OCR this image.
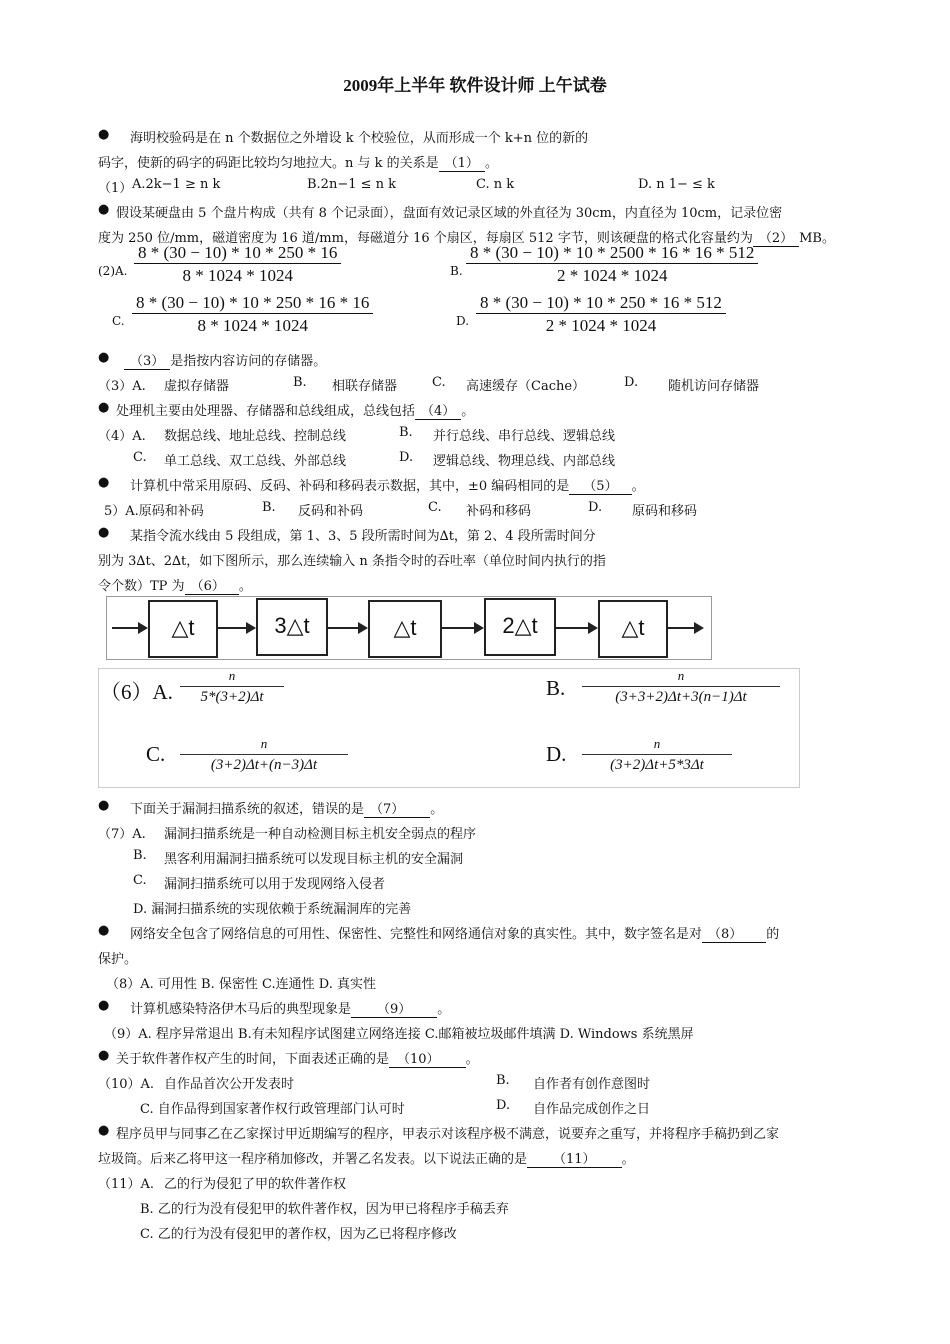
2009年上半年 软件设计师 上午试卷
● 海明校验码是在 n 个数据位之外增设 k 个校验位，从而形成一个 k+n 位的新的
码字，使新的码字的码距比较均匀地拉大。n 与 k 的关系是 （1） 。
（1） A.2k−1 ≥ n k	B.2n−1 ≤ n k	C. n k	D. n 1− ≤ k
● 假设某硬盘由 5 个盘片构成（共有 8 个记录面），盘面有效记录区域的外直径为 30cm，内直径为 10cm，记录位密
度为 250 位/mm，磁道密度为 16 道/mm，每磁道分 16 个扇区，每扇区 512 字节，则该硬盘的格式化容量约为 （2） MB。
(2)A. $\frac{8 * (30 - 10) * 10 * 250 * 16}{8 * 1024 * 1024}$	B. $\frac{8 * (30 - 10) * 10 * 2500 * 16 * 16 * 512}{2 * 1024 * 1024}$
C. $\frac{8 * (30 - 10) * 10 * 250 * 16 * 16}{8 * 1024 * 1024}$	D. $\frac{8 * (30 - 10) * 10 * 250 * 16 * 512}{2 * 1024 * 1024}$
●	（3） 是指按内容访问的存储器。
（3）A. 虚拟存储器	B. 相联存储器	C. 高速缓存（Cache）	D. 随机访问存储器
● 处理机主要由处理器、存储器和总线组成，总线包括 （4） 。
（4）A. 数据总线、地址总线、控制总线	B. 并行总线、串行总线、逻辑总线
C. 单工总线、双工总线、外部总线	D. 逻辑总线、物理总线、内部总线
● 计算机中常采用原码、反码、补码和移码表示数据，其中，±0 编码相同的是 （5） 。
5）A.原码和补码	B. 反码和补码	C. 补码和移码	D. 原码和移码
● 某指令流水线由 5 段组成，第 1、3、5 段所需时间为∆t，第 2、4 段所需时间分
别为 3∆t、2∆t，如下图所示，那么连续输入 n 条指令时的吞吐率（单位时间内执行的指
令个数）TP 为 （6） 。
△t	3△t	△t	2△t	△t
（6）A. $\frac{n}{5*(3+2)\Delta t}$	B. $\frac{n}{(3+3+2)\Delta t+3(n-1)\Delta t}$
C. $\frac{n}{(3+2)\Delta t+(n-3)\Delta t}$	D. $\frac{n}{(3+2)\Delta t+5*3\Delta t}$
● 下面关于漏洞扫描系统的叙述，错误的是 （7） 。
（7）A. 漏洞扫描系统是一种自动检测目标主机安全弱点的程序
B. 黑客利用漏洞扫描系统可以发现目标主机的安全漏洞
C. 漏洞扫描系统可以用于发现网络入侵者
D. 漏洞扫描系统的实现依赖于系统漏洞库的完善
● 网络安全包含了网络信息的可用性、保密性、完整性和网络通信对象的真实性。其中，数字签名是对 （8） 的
保护。
（8）A. 可用性 B. 保密性 C.连通性 D. 真实性
● 计算机感染特洛伊木马后的典型现象是 （9） 。
（9）A. 程序异常退出 B.有未知程序试图建立网络连接 C.邮箱被垃圾邮件填满 D. Windows 系统黑屏
● 关于软件著作权产生的时间，下面表述正确的是 （10） 。
（10）A. 自作品首次公开发表时	B. 自作者有创作意图时
C. 自作品得到国家著作权行政管理部门认可时	D. 自作品完成创作之日
● 程序员甲与同事乙在乙家探讨甲近期编写的程序，甲表示对该程序极不满意，说要弃之重写，并将程序手稿扔到乙家
垃圾筒。后来乙将甲这一程序稍加修改，并署乙名发表。以下说法正确的是 （11） 。
（11）A. 乙的行为侵犯了甲的软件著作权
B. 乙的行为没有侵犯甲的软件著作权，因为甲已将程序手稿丢弃
C. 乙的行为没有侵犯甲的著作权，因为乙已将程序修改
